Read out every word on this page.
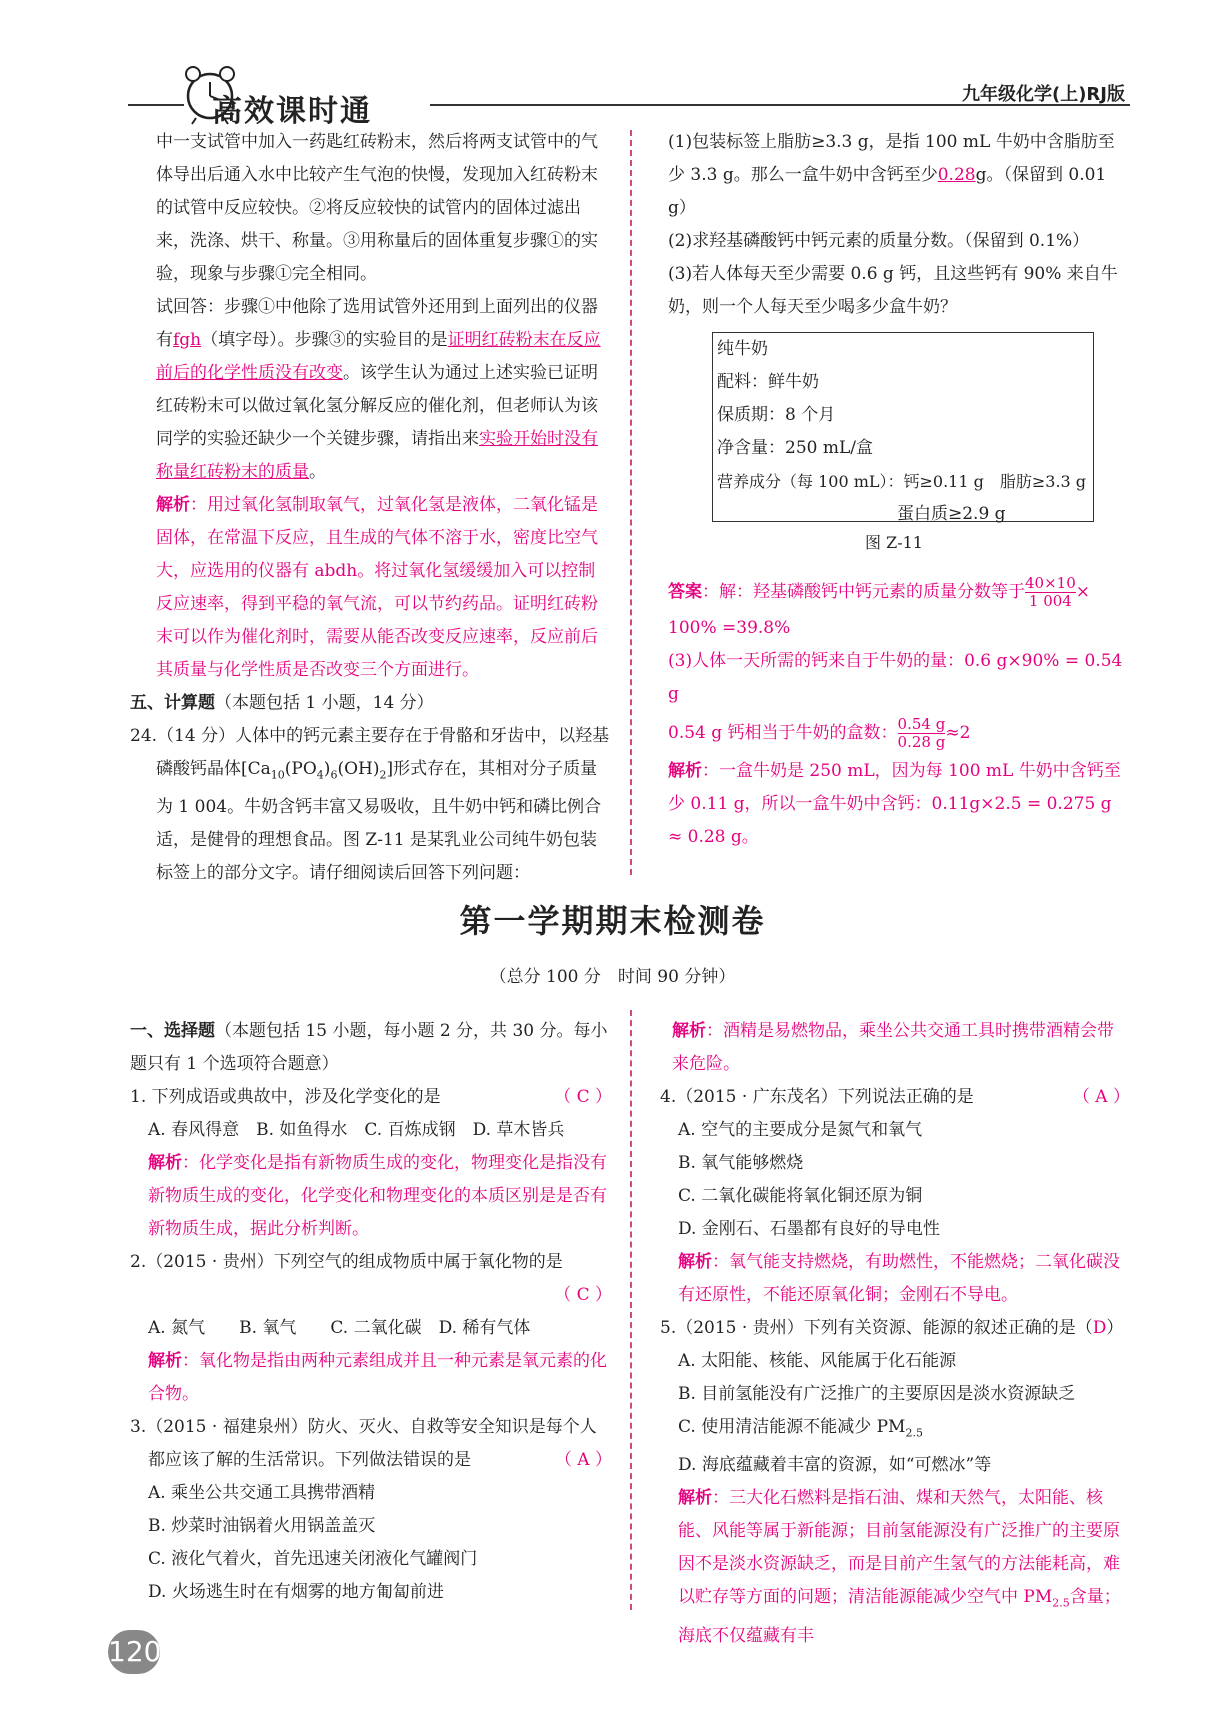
高效课时通	九年级化学(上)RJ版

中一支试管中加入一药匙红砖粉末，然后将两支试管中的气体导出后通入水中比较产生气泡的快慢，发现加入红砖粉末的试管中反应较快。②将反应较快的试管内的固体过滤出来，洗涤、烘干、称量。③用称量后的固体重复步骤①的实验，现象与步骤①完全相同。

试回答：步骤①中他除了选用试管外还用到上面列出的仪器有fgh（填字母）。步骤③的实验目的是证明红砖粉末在反应前后的化学性质没有改变。该学生认为通过上述实验已证明红砖粉末可以做过氧化氢分解反应的催化剂，但老师认为该同学的实验还缺少一个关键步骤，请指出来实验开始时没有称量红砖粉末的质量。

解析：用过氧化氢制取氧气，过氧化氢是液体，二氧化锰是固体，在常温下反应，且生成的气体不溶于水，密度比空气大，应选用的仪器有 abdh。将过氧化氢缓缓加入可以控制反应速率，得到平稳的氧气流，可以节约药品。证明红砖粉末可以作为催化剂时，需要从能否改变反应速率，反应前后其质量与化学性质是否改变三个方面进行。

五、计算题（本题包括 1 小题，14 分）

24.（14 分）人体中的钙元素主要存在于骨骼和牙齿中，以羟基磷酸钙晶体$[Ca_{10}(PO_4)_6(OH)_2]$形式存在，其相对分子质量为 1 004。牛奶含钙丰富又易吸收，且牛奶中钙和磷比例合适，是健骨的理想食品。图 Z-11 是某乳业公司纯牛奶包装标签上的部分文字。请仔细阅读后回答下列问题：

(1)包装标签上脂肪≥3.3 g，是指 100 mL 牛奶中含脂肪至少 3.3 g。那么一盒牛奶中含钙至少0.28g。（保留到 0.01 g）

(2)求羟基磷酸钙中钙元素的质量分数。（保留到 0.1%）

(3)若人体每天至少需要 0.6 g 钙，且这些钙有 90% 来自牛奶，则一个人每天至少喝多少盒牛奶？

纯牛奶
配料：鲜牛奶
保质期：8 个月
净含量：250 mL/盒
营养成分（每 100 mL）：钙≥0.11 g　脂肪≥3.3 g
蛋白质≥2.9 g
图 Z-11

答案：解：羟基磷酸钙中钙元素的质量分数等于 $\frac{40\times 10}{1 004}$ ×

100% =39.8%

(3)人体一天所需的钙来自于牛奶的量：0.6 g×90% = 0.54 g

0.54 g 钙相当于牛奶的盒数： $\frac{0.54 g}{0.28 g} \approx 2$

解析：一盒牛奶是 250 mL，因为每 100 mL 牛奶中含钙至少 0.11 g，所以一盒牛奶中含钙：0.11g×2.5 = 0.275 g ≈ 0.28 g。

第一学期期末检测卷
（总分 100 分　时间 90 分钟）

一、选择题（本题包括 15 小题，每小题 2 分，共 30 分。每小题只有 1 个选项符合题意）

1. 下列成语或典故中，涉及化学变化的是	（ C ）

A. 春风得意　B. 如鱼得水　C. 百炼成钢　D. 草木皆兵

解析：化学变化是指有新物质生成的变化，物理变化是指没有新物质生成的变化，化学变化和物理变化的本质区别是是否有新物质生成，据此分析判断。

2.（2015 · 贵州）下列空气的组成物质中属于氧化物的是

（ C ）

A. 氮气　　B. 氧气　　C. 二氧化碳　D. 稀有气体

解析：氧化物是指由两种元素组成并且一种元素是氧元素的化合物。

3.（2015 · 福建泉州）防火、灭火、自救等安全知识是每个人都应该了解的生活常识。下列做法错误的是	（ A ）

A. 乘坐公共交通工具携带酒精

B. 炒菜时油锅着火用锅盖盖灭

C. 液化气着火，首先迅速关闭液化气罐阀门

D. 火场逃生时在有烟雾的地方匍匐前进

解析：酒精是易燃物品，乘坐公共交通工具时携带酒精会带来危险。

4.（2015 · 广东茂名）下列说法正确的是	（ A ）

A. 空气的主要成分是氮气和氧气

B. 氧气能够燃烧

C. 二氧化碳能将氧化铜还原为铜

D. 金刚石、石墨都有良好的导电性

解析：氧气能支持燃烧，有助燃性，不能燃烧；二氧化碳没有还原性，不能还原氧化铜；金刚石不导电。

5.（2015 · 贵州）下列有关资源、能源的叙述正确的是（D）

A. 太阳能、核能、风能属于化石能源

B. 目前氢能没有广泛推广的主要原因是淡水资源缺乏

C. 使用清洁能源不能减少 $PM_{2.5}$

D. 海底蕴藏着丰富的资源，如“可燃冰”等

解析：三大化石燃料是指石油、煤和天然气，太阳能、核能、风能等属于新能源；目前氢能源没有广泛推广的主要原因不是淡水资源缺乏，而是目前产生氢气的方法能耗高，难以贮存等方面的问题；清洁能源能减少空气中 $PM_{2.5}$含量；海底不仅蕴藏有丰

120
